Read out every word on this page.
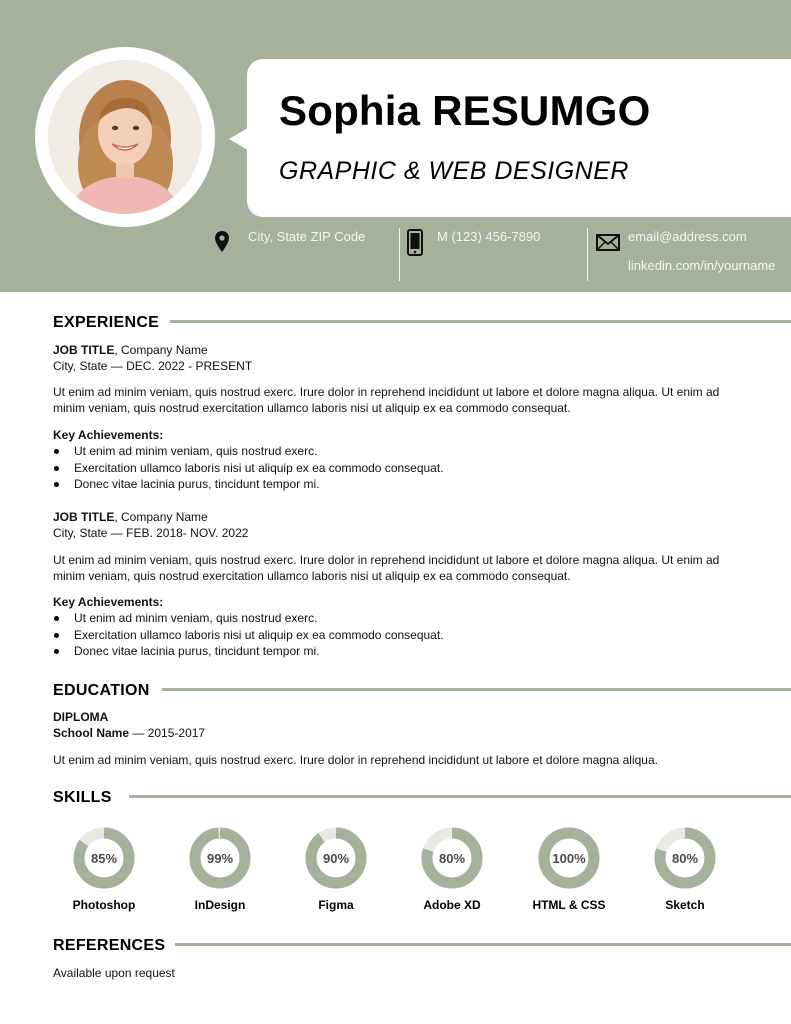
Sophia RESUMGO
GRAPHIC & WEB DESIGNER
City, State ZIP Code	M (123) 456-7890	email@address.com
linkedin.com/in/yourname
EXPERIENCE
JOB TITLE, Company Name
City, State — DEC. 2022 - PRESENT
Ut enim ad minim veniam, quis nostrud exerc. Irure dolor in reprehend incididunt ut labore et dolore magna aliqua. Ut enim ad
minim veniam, quis nostrud exercitation ullamco laboris nisi ut aliquip ex ea commodo consequat.
Key Achievements:
Ut enim ad minim veniam, quis nostrud exerc.
Exercitation ullamco laboris nisi ut aliquip ex ea commodo consequat.
Donec vitae lacinia purus, tincidunt tempor mi.
JOB TITLE, Company Name
City, State — FEB. 2018- NOV. 2022
Ut enim ad minim veniam, quis nostrud exerc. Irure dolor in reprehend incididunt ut labore et dolore magna aliqua. Ut enim ad
minim veniam, quis nostrud exercitation ullamco laboris nisi ut aliquip ex ea commodo consequat.
Key Achievements:
Ut enim ad minim veniam, quis nostrud exerc.
Exercitation ullamco laboris nisi ut aliquip ex ea commodo consequat.
Donec vitae lacinia purus, tincidunt tempor mi.
EDUCATION
DIPLOMA
School Name — 2015-2017
Ut enim ad minim veniam, quis nostrud exerc. Irure dolor in reprehend incididunt ut labore et dolore magna aliqua.
SKILLS
85%
Photoshop
99%
InDesign
90%
Figma
80%
Adobe XD
100%
HTML & CSS
80%
Sketch
REFERENCES
Available upon request
